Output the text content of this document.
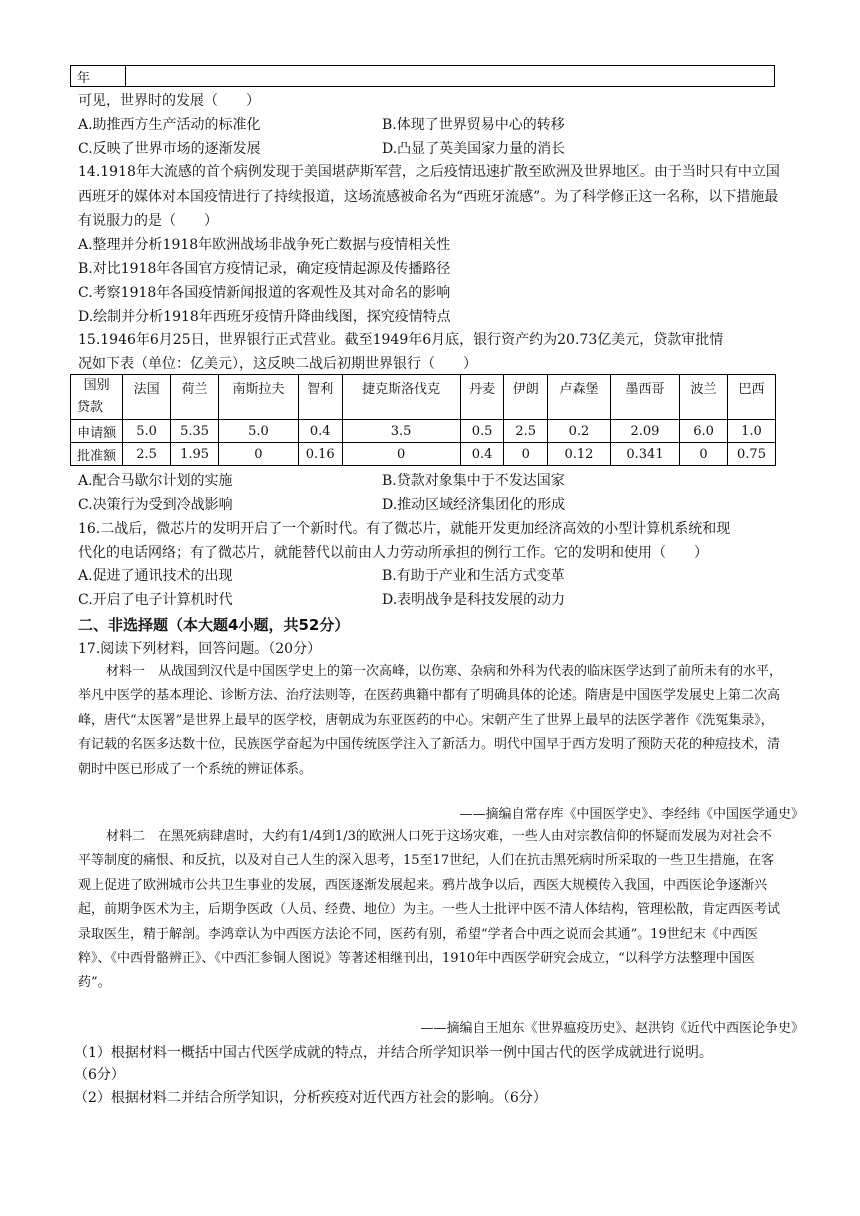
年	
可见，世界时的发展（　　）
A.助推西方生产活动的标准化	B.体现了世界贸易中心的转移
C.反映了世界市场的逐渐发展	D.凸显了英美国家力量的消长
14.1918年大流感的首个病例发现于美国堪萨斯军营，之后疫情迅速扩散至欧洲及世界地区。由于当时只有中立国西班牙的媒体对本国疫情进行了持续报道，这场流感被命名为“西班牙流感”。为了科学修正这一名称，以下措施最有说服力的是（　　）
A.整理并分析1918年欧洲战场非战争死亡数据与疫情相关性
B.对比1918年各国官方疫情记录，确定疫情起源及传播路径
C.考察1918年各国疫情新闻报道的客观性及其对命名的影响
D.绘制并分析1918年西班牙疫情升降曲线图，探究疫情特点
15.1946年6月25日，世界银行正式营业。截至1949年6月底，银行资产约为20.73亿美元，贷款审批情
况如下表（单位：亿美元），这反映二战后初期世界银行（　　）
国别
贷款	法国	荷兰	南斯拉夫	智利	捷克斯洛伐克	丹麦	伊朗	卢森堡	墨西哥	波兰	巴西
申请额	5.0	5.35	5.0	0.4	3.5	0.5	2.5	0.2	2.09	6.0	1.0
批准额	2.5	1.95	0	0.16	0	0.4	0	0.12	0.341	0	0.75
A.配合马歇尔计划的实施	B.贷款对象集中于不发达国家
C.决策行为受到冷战影响	D.推动区域经济集团化的形成
16.二战后，微芯片的发明开启了一个新时代。有了微芯片，就能开发更加经济高效的小型计算机系统和现
代化的电话网络；有了微芯片，就能替代以前由人力劳动所承担的例行工作。它的发明和使用（　　）
A.促进了通讯技术的出现	B.有助于产业和生活方式变革
C.开启了电子计算机时代	D.表明战争是科技发展的动力
二、非选择题（本大题4小题，共52分）
17.阅读下列材料，回答问题。（20分）
材料一　从战国到汉代是中国医学史上的第一次高峰，以伤寒、杂病和外科为代表的临床医学达到了前所未有的水平，举凡中医学的基本理论、诊断方法、治疗法则等，在医药典籍中都有了明确具体的论述。隋唐是中国医学发展史上第二次高峰，唐代“太医署”是世界上最早的医学校，唐朝成为东亚医药的中心。宋朝产生了世界上最早的法医学著作《洗冤集录》，有记载的名医多达数十位，民族医学奋起为中国传统医学注入了新活力。明代中国早于西方发明了预防天花的种痘技术，清朝时中医已形成了一个系统的辨证体系。
——摘编自常存库《中国医学史》、李经纬《中国医学通史》
材料二　在黑死病肆虐时，大约有1/4到1/3的欧洲人口死于这场灾难，一些人由对宗教信仰的怀疑而发展为对社会不平等制度的痛恨、和反抗，以及对自己人生的深入思考，15至17世纪，人们在抗击黑死病时所采取的一些卫生措施，在客观上促进了欧洲城市公共卫生事业的发展，西医逐渐发展起来。鸦片战争以后，西医大规模传入我国，中西医论争逐渐兴起，前期争医术为主，后期争医政（人员、经费、地位）为主。一些人士批评中医不清人体结构，管理松散，肯定西医考试录取医生，精于解剖。李鸿章认为中西医方法论不同，医药有别，希望“学者合中西之说而会其通”。19世纪末《中西医粹》、《中西骨骼辨正》、《中西汇参铜人图说》等著述相继刊出，1910年中西医学研究会成立，“以科学方法整理中国医药”。
——摘编自王旭东《世界瘟疫历史》、赵洪钧《近代中西医论争史》
（1）根据材料一概括中国古代医学成就的特点，并结合所学知识举一例中国古代的医学成就进行说明。
（6分）
（2）根据材料二并结合所学知识，分析疾疫对近代西方社会的影响。（6分）
